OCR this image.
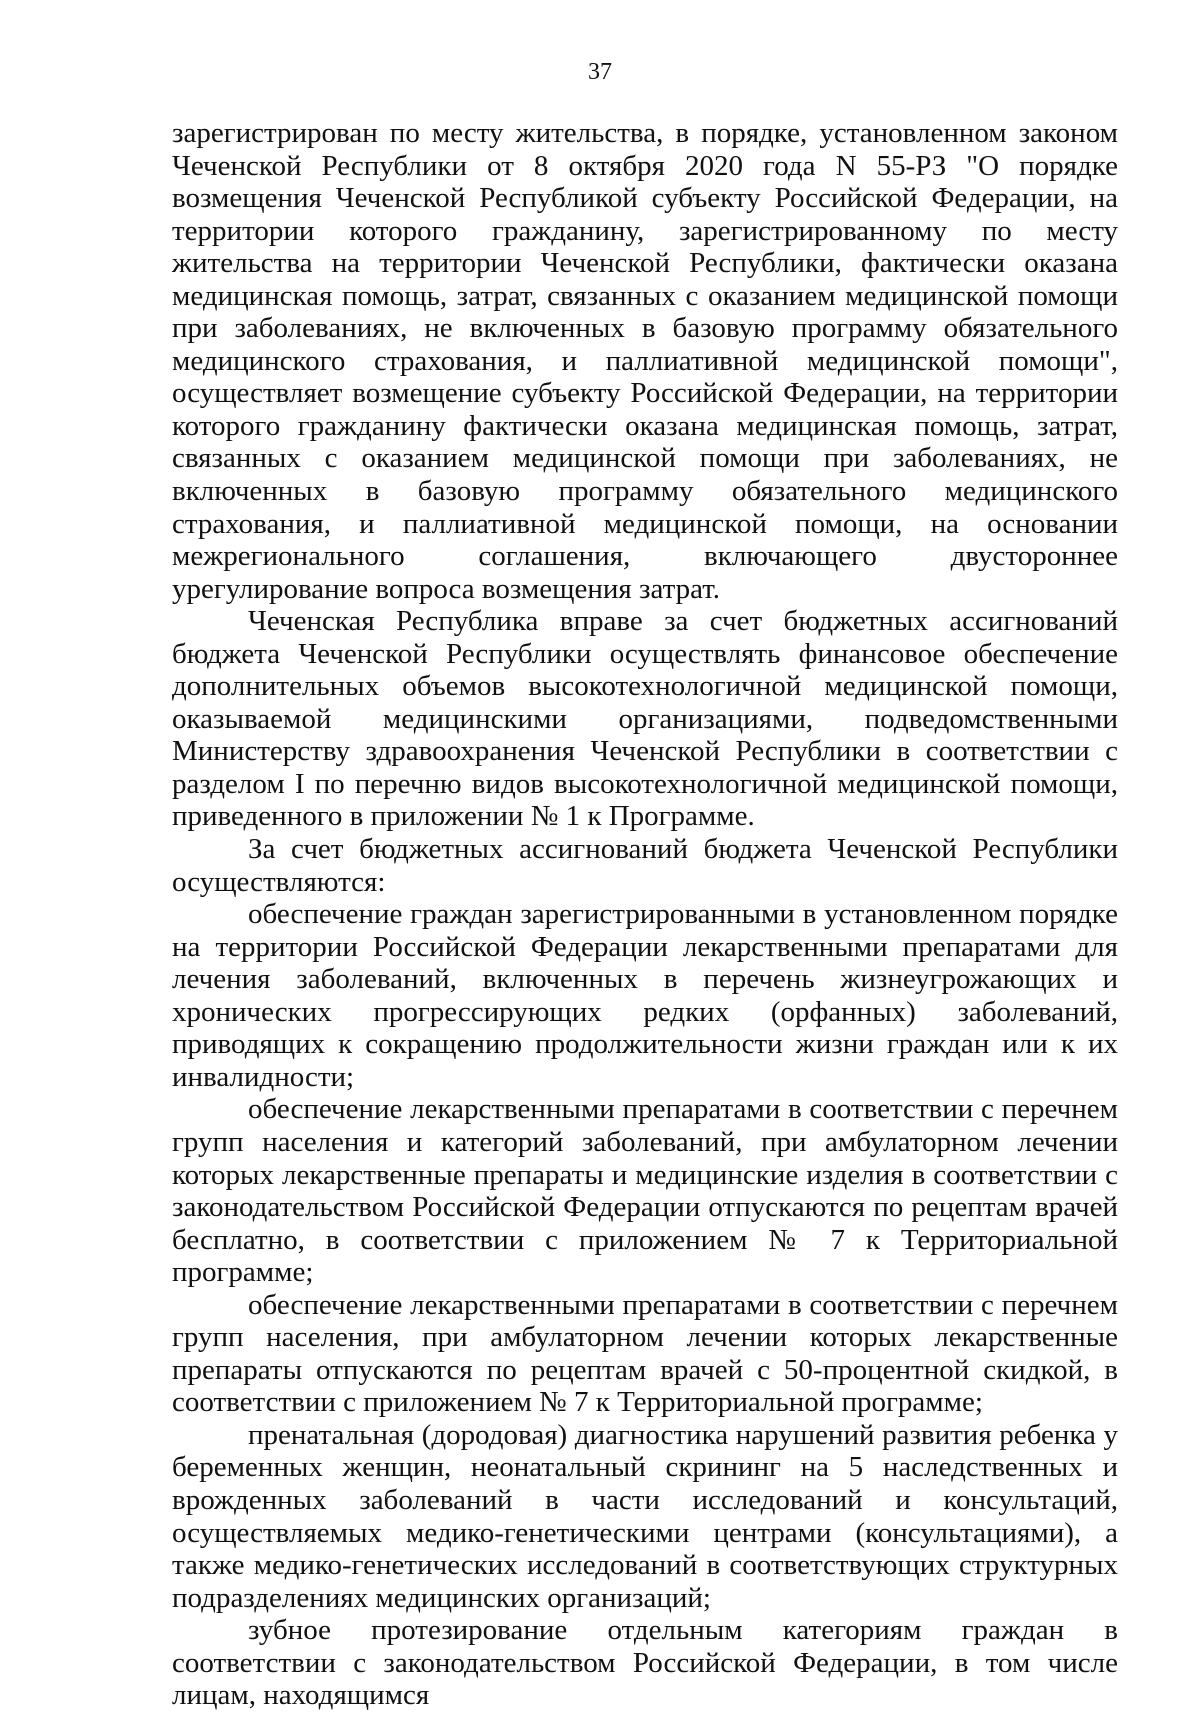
37

зарегистрирован по месту жительства, в порядке, установленном законом Чеченской Республики от 8 октября 2020 года N 55-РЗ "О порядке возмещения Чеченской Республикой субъекту Российской Федерации, на территории которого гражданину, зарегистрированному по месту жительства на территории Чеченской Республики, фактически оказана медицинская помощь, затрат, связанных с оказанием медицинской помощи при заболеваниях, не включенных в базовую программу обязательного медицинского страхования, и паллиативной медицинской помощи", осуществляет возмещение субъекту Российской Федерации, на территории которого гражданину фактически оказана медицинская помощь, затрат, связанных с оказанием медицинской помощи при заболеваниях, не включенных в базовую программу обязательного медицинского страхования, и паллиативной медицинской помощи, на основании межрегионального соглашения, включающего двустороннее урегулирование вопроса возмещения затрат.

Чеченская Республика вправе за счет бюджетных ассигнований бюджета Чеченской Республики осуществлять финансовое обеспечение дополнительных объемов высокотехнологичной медицинской помощи, оказываемой медицинскими организациями, подведомственными Министерству здравоохранения Чеченской Республики в соответствии с разделом I по перечню видов высокотехнологичной медицинской помощи, приведенного в приложении № 1 к Программе.

За счет бюджетных ассигнований бюджета Чеченской Республики осуществляются:

обеспечение граждан зарегистрированными в установленном порядке на территории Российской Федерации лекарственными препаратами для лечения заболеваний, включенных в перечень жизнеугрожающих и хронических прогрессирующих редких (орфанных) заболеваний, приводящих к сокращению продолжительности жизни граждан или к их инвалидности;

обеспечение лекарственными препаратами в соответствии с перечнем групп населения и категорий заболеваний, при амбулаторном лечении которых лекарственные препараты и медицинские изделия в соответствии с законодательством Российской Федерации отпускаются по рецептам врачей бесплатно, в соответствии с приложением № 7 к Территориальной программе;

обеспечение лекарственными препаратами в соответствии с перечнем групп населения, при амбулаторном лечении которых лекарственные препараты отпускаются по рецептам врачей с 50-процентной скидкой, в соответствии с приложением № 7 к Территориальной программе;

пренатальная (дородовая) диагностика нарушений развития ребенка у беременных женщин, неонатальный скрининг на 5 наследственных и врожденных заболеваний в части исследований и консультаций, осуществляемых медико-генетическими центрами (консультациями), а также медико-генетических исследований в соответствующих структурных подразделениях медицинских организаций;

зубное протезирование отдельным категориям граждан в соответствии с законодательством Российской Федерации, в том числе лицам, находящимся
